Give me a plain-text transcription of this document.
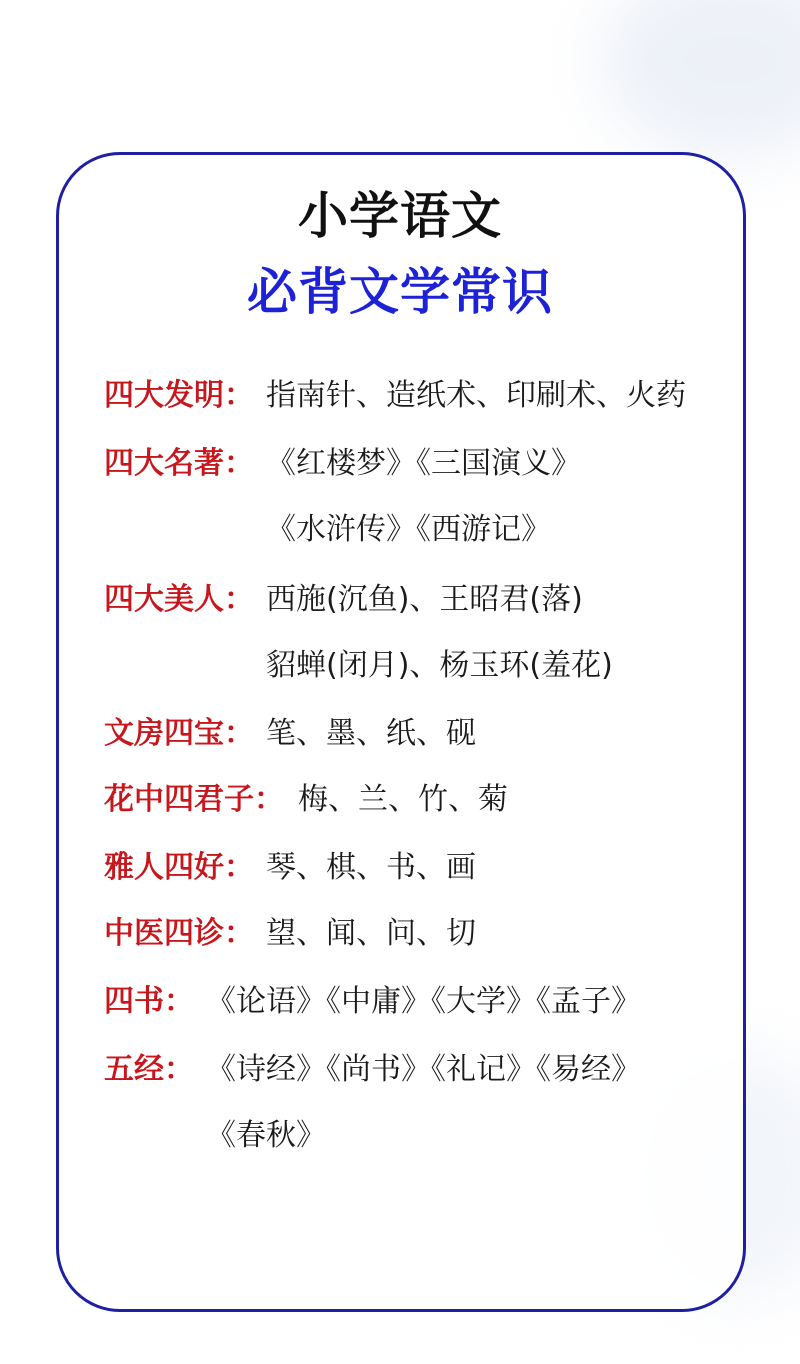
小学语文
必背文学常识
四大发明： 指南针、造纸术、印刷术、火药
四大名著： 《红楼梦》《三国演义》
《水浒传》《西游记》
四大美人： 西施(沉鱼)、王昭君(落)
貂蝉(闭月)、杨玉环(羞花)
文房四宝： 笔、墨、纸、砚
花中四君子： 梅、兰、竹、菊
雅人四好： 琴、棋、书、画
中医四诊： 望、闻、问、切
四书： 《论语》《中庸》《大学》《孟子》
五经： 《诗经》《尚书》《礼记》《易经》
《春秋》
